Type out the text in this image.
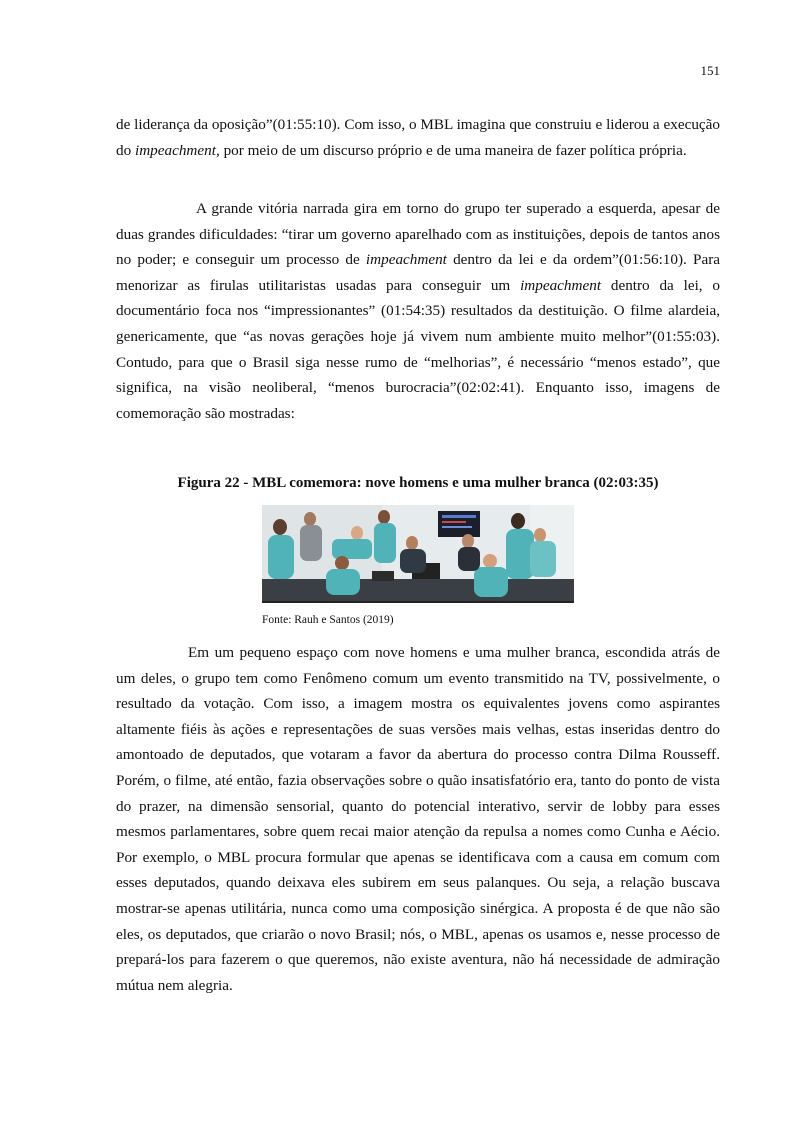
151

de liderança da oposição”(01:55:10). Com isso, o MBL imagina que construiu e liderou a execução do impeachment, por meio de um discurso próprio e de uma maneira de fazer política própria.

A grande vitória narrada gira em torno do grupo ter superado a esquerda, apesar de duas grandes dificuldades: “tirar um governo aparelhado com as instituições, depois de tantos anos no poder; e conseguir um processo de impeachment dentro da lei e da ordem”(01:56:10). Para menorizar as firulas utilitaristas usadas para conseguir um impeachment dentro da lei, o documentário foca nos “impressionantes” (01:54:35) resultados da destituição. O filme alardeia, genericamente, que “as novas gerações hoje já vivem num ambiente muito melhor”(01:55:03). Contudo, para que o Brasil siga nesse rumo de “melhorias”, é necessário “menos estado”, que significa, na visão neoliberal, “menos burocracia”(02:02:41). Enquanto isso, imagens de comemoração são mostradas:

Figura 22 - MBL comemora: nove homens e uma mulher branca (02:03:35)

Fonte: Rauh e Santos (2019)

Em um pequeno espaço com nove homens e uma mulher branca, escondida atrás de um deles, o grupo tem como Fenômeno comum um evento transmitido na TV, possivelmente, o resultado da votação. Com isso, a imagem mostra os equivalentes jovens como aspirantes altamente fiéis às ações e representações de suas versões mais velhas, estas inseridas dentro do amontoado de deputados, que votaram a favor da abertura do processo contra Dilma Rousseff. Porém, o filme, até então, fazia observações sobre o quão insatisfatório era, tanto do ponto de vista do prazer, na dimensão sensorial, quanto do potencial interativo, servir de lobby para esses mesmos parlamentares, sobre quem recai maior atenção da repulsa a nomes como Cunha e Aécio. Por exemplo, o MBL procura formular que apenas se identificava com a causa em comum com esses deputados, quando deixava eles subirem em seus palanques. Ou seja, a relação buscava mostrar-se apenas utilitária, nunca como uma composição sinérgica. A proposta é de que não são eles, os deputados, que criarão o novo Brasil; nós, o MBL, apenas os usamos e, nesse processo de prepará-los para fazerem o que queremos, não existe aventura, não há necessidade de admiração mútua nem alegria.
